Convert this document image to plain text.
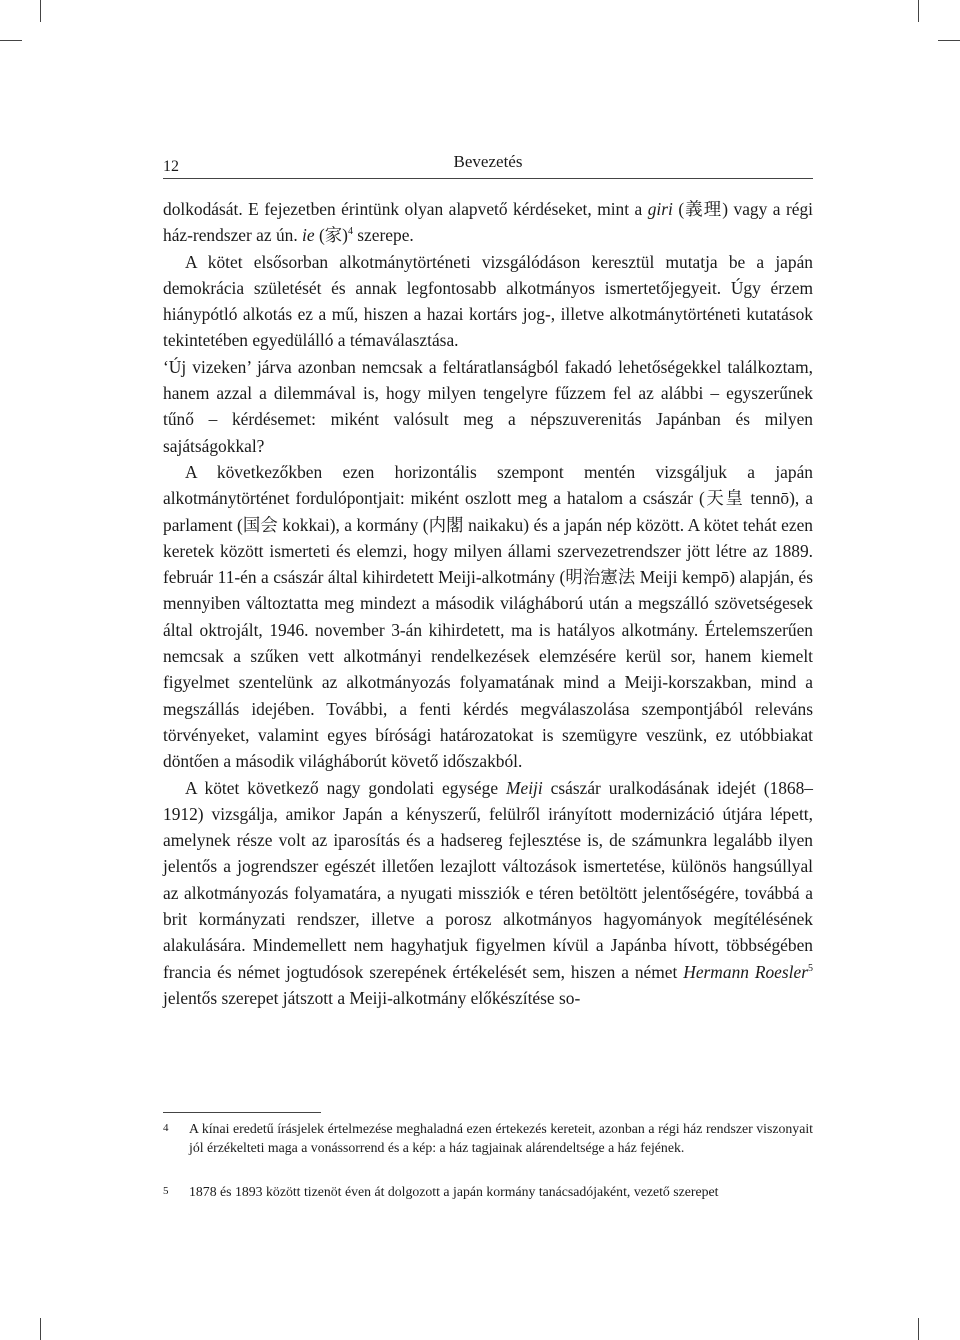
12	Bevezetés

dolkodását. E fejezetben érintünk olyan alapvető kérdéseket, mint a giri (義理) vagy a régi ház-rendszer az ún. ie (家)$^4$ szerepe.

A kötet elsősorban alkotmánytörténeti vizsgálódáson keresztül mutatja be a japán demokrácia születését és annak legfontosabb alkotmányos ismertetőjegyeit. Úgy érzem hiánypótló alkotás ez a mű, hiszen a hazai kortárs jog-, illetve alkotmánytörténeti kutatások tekintetében egyedülálló a témaválasztása.

‘Új vizeken’ járva azonban nemcsak a feltáratlanságból fakadó lehetőségekkel találkoztam, hanem azzal a dilemmával is, hogy milyen tengelyre fűzzem fel az alábbi – egyszerűnek tűnő – kérdésemet: miként valósult meg a népszuverenitás Japánban és milyen sajátságokkal?

A következőkben ezen horizontális szempont mentén vizsgáljuk a japán alkotmánytörténet fordulópontjait: miként oszlott meg a hatalom a császár (天皇 tennō), a parlament (国会 kokkai), a kormány (内閣 naikaku) és a japán nép között. A kötet tehát ezen keretek között ismerteti és elemzi, hogy milyen állami szervezetrendszer jött létre az 1889. február 11-én a császár által kihirdetett Meiji-alkotmány (明治憲法 Meiji kempō) alapján, és mennyiben változtatta meg mindezt a második világháború után a megszálló szövetségesek által oktrojált, 1946. november 3-án kihirdetett, ma is hatályos alkotmány. Értelemszerűen nemcsak a szűken vett alkotmányi rendelkezések elemzésére kerül sor, hanem kiemelt figyelmet szentelünk az alkotmányozás folyamatának mind a Meiji-korszakban, mind a megszállás idejében. További, a fenti kérdés megválaszolása szempontjából releváns törvényeket, valamint egyes bírósági határozatokat is szemügyre veszünk, ez utóbbiakat döntően a második világháborút követő időszakból.

A kötet következő nagy gondolati egysége Meiji császár uralkodásának idejét (1868–1912) vizsgálja, amikor Japán a kényszerű, felülről irányított modernizáció útjára lépett, amelynek része volt az iparosítás és a hadsereg fejlesztése is, de számunkra legalább ilyen jelentős a jogrendszer egészét illetően lezajlott változások ismertetése, különös hangsúllyal az alkotmányozás folyamatára, a nyugati missziók e téren betöltött jelentőségére, továbbá a brit kormányzati rendszer, illetve a porosz alkotmányos hagyományok megítélésének alakulására. Mindemellett nem hagyhatjuk figyelmen kívül a Japánba hívott, többségében francia és német jogtudósok szerepének értékelését sem, hiszen a német Hermann Roesler$^5$ jelentős szerepet játszott a Meiji-alkotmány előkészítése so-

4 A kínai eredetű írásjelek értelmezése meghaladná ezen értekezés kereteit, azonban a régi ház rendszer viszonyait jól érzékelteti maga a vonássorrend és a kép: a ház tagjainak alárendeltsége a ház fejének.
5 1878 és 1893 között tizenöt éven át dolgozott a japán kormány tanácsadójaként, vezető szerepet
